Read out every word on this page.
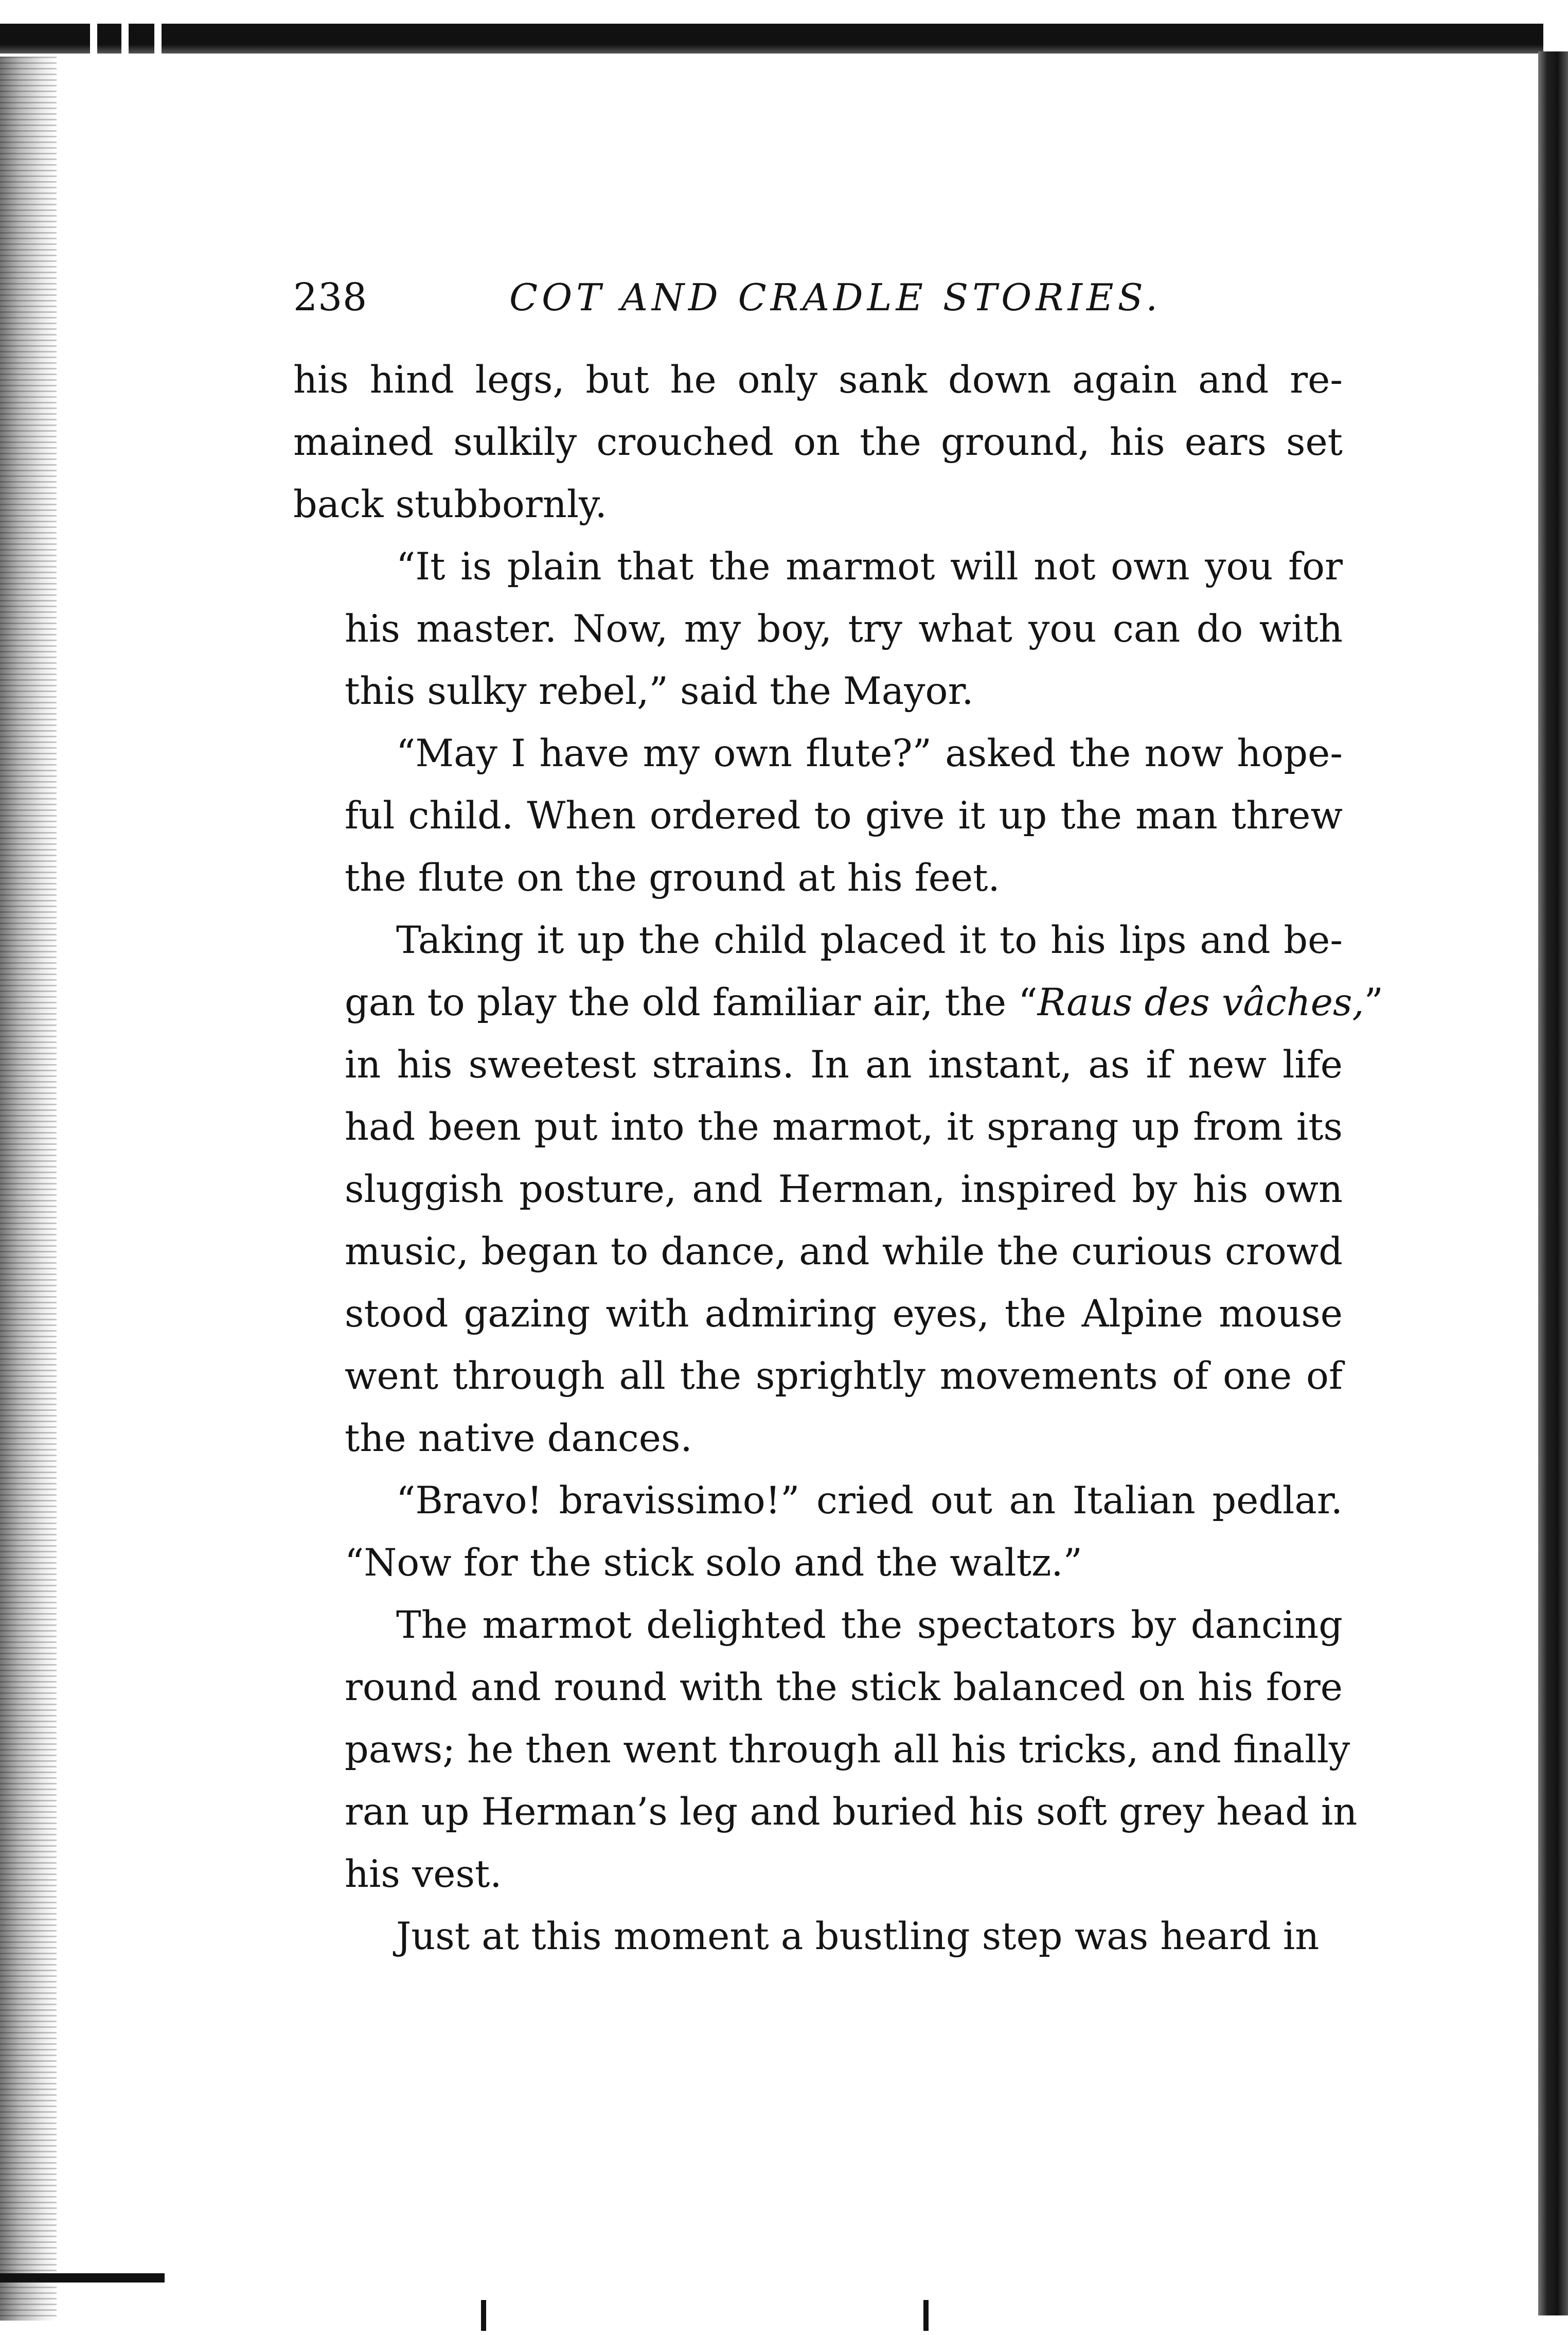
238	COT AND CRADLE STORIES.
his hind legs, but he only sank down again and re-
mained sulkily crouched on the ground, his ears set
back stubbornly.
“It is plain that the marmot will not own you for
his master. Now, my boy, try what you can do with
this sulky rebel,” said the Mayor.
“May I have my own flute?” asked the now hope-
ful child. When ordered to give it up the man threw
the flute on the ground at his feet.
Taking it up the child placed it to his lips and be-
gan to play the old familiar air, the “Raus des vâches,”
in his sweetest strains. In an instant, as if new life
had been put into the marmot, it sprang up from its
sluggish posture, and Herman, inspired by his own
music, began to dance, and while the curious crowd
stood gazing with admiring eyes, the Alpine mouse
went through all the sprightly movements of one of
the native dances.
“Bravo! bravissimo!” cried out an Italian pedlar.
“Now for the stick solo and the waltz.”
The marmot delighted the spectators by dancing
round and round with the stick balanced on his fore
paws; he then went through all his tricks, and finally
ran up Herman’s leg and buried his soft grey head in
his vest.
Just at this moment a bustling step was heard in
